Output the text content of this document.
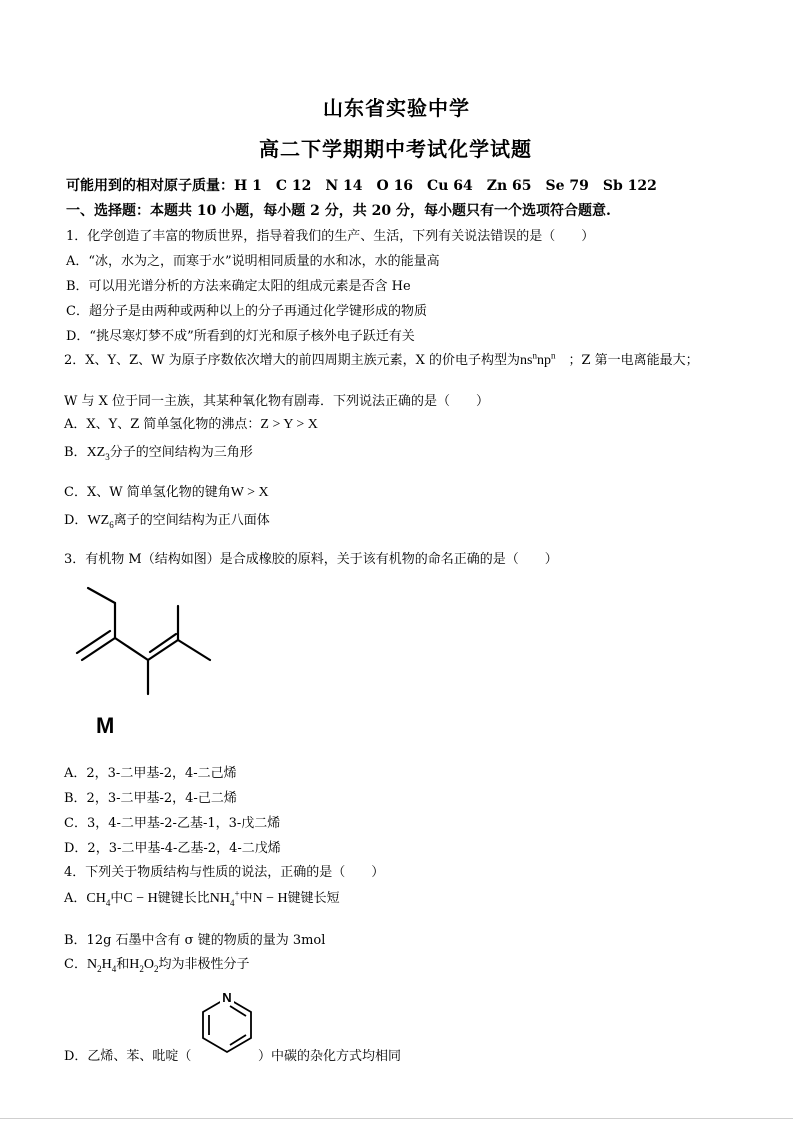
山东省实验中学
高二下学期期中考试化学试题
可能用到的相对原子质量：H 1　C 12　N 14　O 16　Cu 64　Zn 65　Se 79　Sb 122
一、选择题：本题共 10 小题，每小题 2 分，共 20 分，每小题只有一个选项符合题意.
1．化学创造了丰富的物质世界，指导着我们的生产、生活，下列有关说法错误的是（　　）
A．“冰，水为之，而寒于水”说明相同质量的水和冰，水的能量高
B．可以用光谱分析的方法来确定太阳的组成元素是否含 He
C．超分子是由两种或两种以上的分子再通过化学键形成的物质
D．“挑尽寒灯梦不成”所看到的灯光和原子核外电子跃迁有关
2．X、Y、Z、W 为原子序数依次增大的前四周期主族元素，X 的价电子构型为$ns^nnp^n$　 ；Z 第一电离能最大；
W 与 X 位于同一主族，其某种氧化物有剧毒．下列说法正确的是（　　）
A．X、Y、Z 简单氢化物的沸点：Z > Y > X
B．$XZ_3$分子的空间结构为三角形
C．X、W 简单氢化物的键角W > X
D．$WZ_6$离子的空间结构为正八面体
3．有机物 M（结构如图）是合成橡胶的原料，关于该有机物的命名正确的是（　　）
M
A．2，3-二甲基-2，4-二己烯
B．2，3-二甲基-2，4-己二烯
C．3，4-二甲基-2-乙基-1，3-戊二烯
D．2，3-二甲基-4-乙基-2，4-二戊烯
4．下列关于物质结构与性质的说法，正确的是（　　）
A．$CH_4$中C − H键键长比$NH_4^+$中N − H键键长短
B．12g 石墨中含有 σ 键的物质的量为 3mol
C．$N_2H_4$和$H_2O_2$均为非极性分子
N
D．乙烯、苯、吡啶（	）中碳的杂化方式均相同
